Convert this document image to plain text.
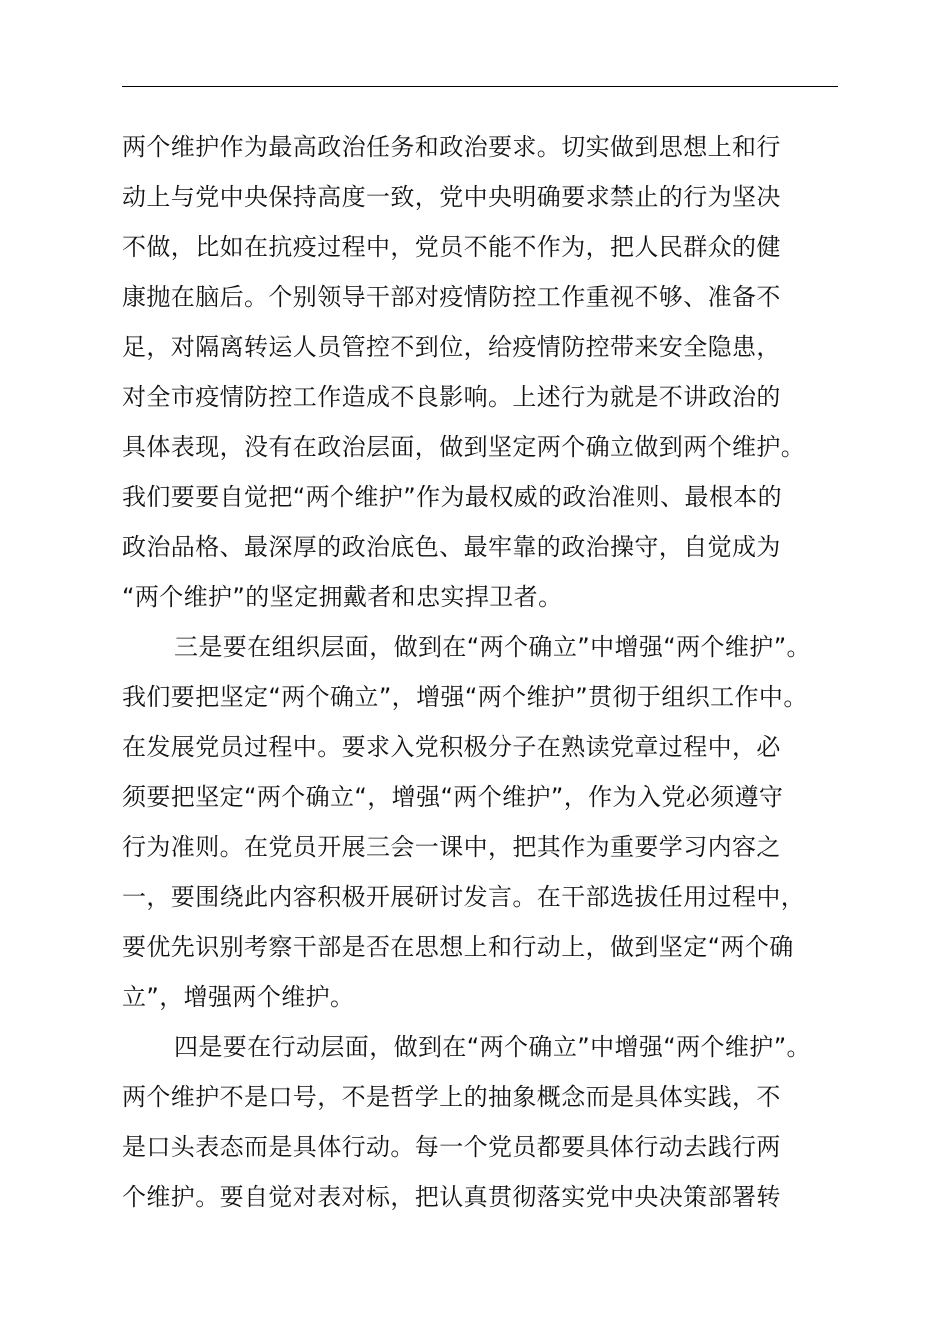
两个维护作为最高政治任务和政治要求。切实做到思想上和行
动上与党中央保持高度一致，党中央明确要求禁止的行为坚决
不做，比如在抗疫过程中，党员不能不作为，把人民群众的健
康抛在脑后。个别领导干部对疫情防控工作重视不够、准备不
足，对隔离转运人员管控不到位，给疫情防控带来安全隐患，
对全市疫情防控工作造成不良影响。上述行为就是不讲政治的
具体表现，没有在政治层面，做到坚定两个确立做到两个维护。
我们要要自觉把“两个维护”作为最权威的政治准则、最根本的
政治品格、最深厚的政治底色、最牢靠的政治操守，自觉成为
“两个维护”的坚定拥戴者和忠实捍卫者。
三是要在组织层面，做到在“两个确立”中增强“两个维护”。
我们要把坚定“两个确立”，增强“两个维护”贯彻于组织工作中。
在发展党员过程中。要求入党积极分子在熟读党章过程中，必
须要把坚定“两个确立“，增强“两个维护”，作为入党必须遵守
行为准则。在党员开展三会一课中，把其作为重要学习内容之
一，要围绕此内容积极开展研讨发言。在干部选拔任用过程中，
要优先识别考察干部是否在思想上和行动上，做到坚定“两个确
立”，增强两个维护。
四是要在行动层面，做到在“两个确立”中增强“两个维护”。
两个维护不是口号，不是哲学上的抽象概念而是具体实践，不
是口头表态而是具体行动。每一个党员都要具体行动去践行两
个维护。要自觉对表对标，把认真贯彻落实党中央决策部署转
